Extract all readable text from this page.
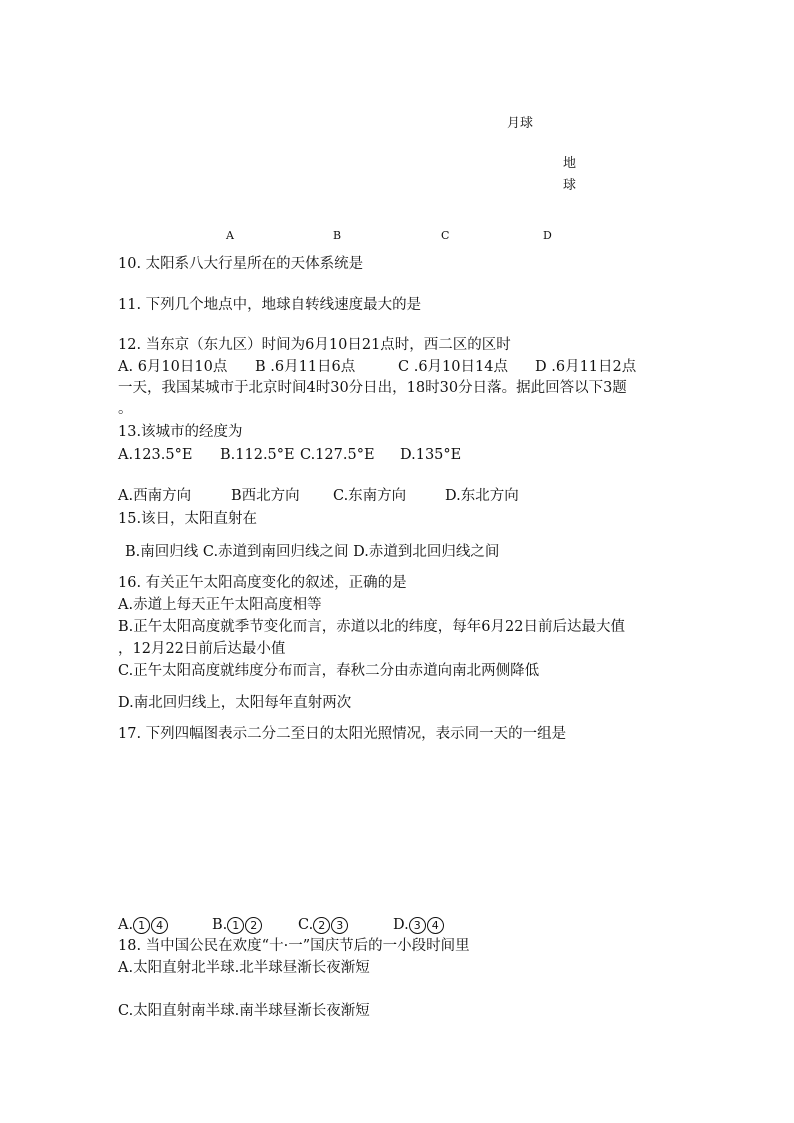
月球
地
球
A	B	C	D
10. 太阳系八大行星所在的天体系统是
11. 下列几个地点中，地球自转线速度最大的是
12. 当东京（东九区）时间为6月10日21点时，西二区的区时
A. 6月10日10点 B .6月11日6点	C .6月10日14点 D .6月11日2点
一天，我国某城市于北京时间4时30分日出，18时30分日落。据此回答以下3题
。
13.该城市的经度为
A.123.5°E B.112.5°E C.127.5°E D.135°E
A.西南方向	B西北方向 C.东南方向	D.东北方向
15.该日，太阳直射在
B.南回归线 C.赤道到南回归线之间 D.赤道到北回归线之间
16. 有关正午太阳高度变化的叙述，正确的是
A.赤道上每天正午太阳高度相等
B.正午太阳高度就季节变化而言，赤道以北的纬度，每年6月22日前后达最大值
，12月22日前后达最小值
C.正午太阳高度就纬度分布而言，春秋二分由赤道向南北两侧降低
D.南北回归线上，太阳每年直射两次
17. 下列四幅图表示二分二至日的太阳光照情况，表示同一天的一组是
A. 1 4	B. 1 2	C. 2 3	D. 3 4
18. 当中国公民在欢度“十·一”国庆节后的一小段时间里
A.太阳直射北半球.北半球昼渐长夜渐短
C.太阳直射南半球.南半球昼渐长夜渐短
